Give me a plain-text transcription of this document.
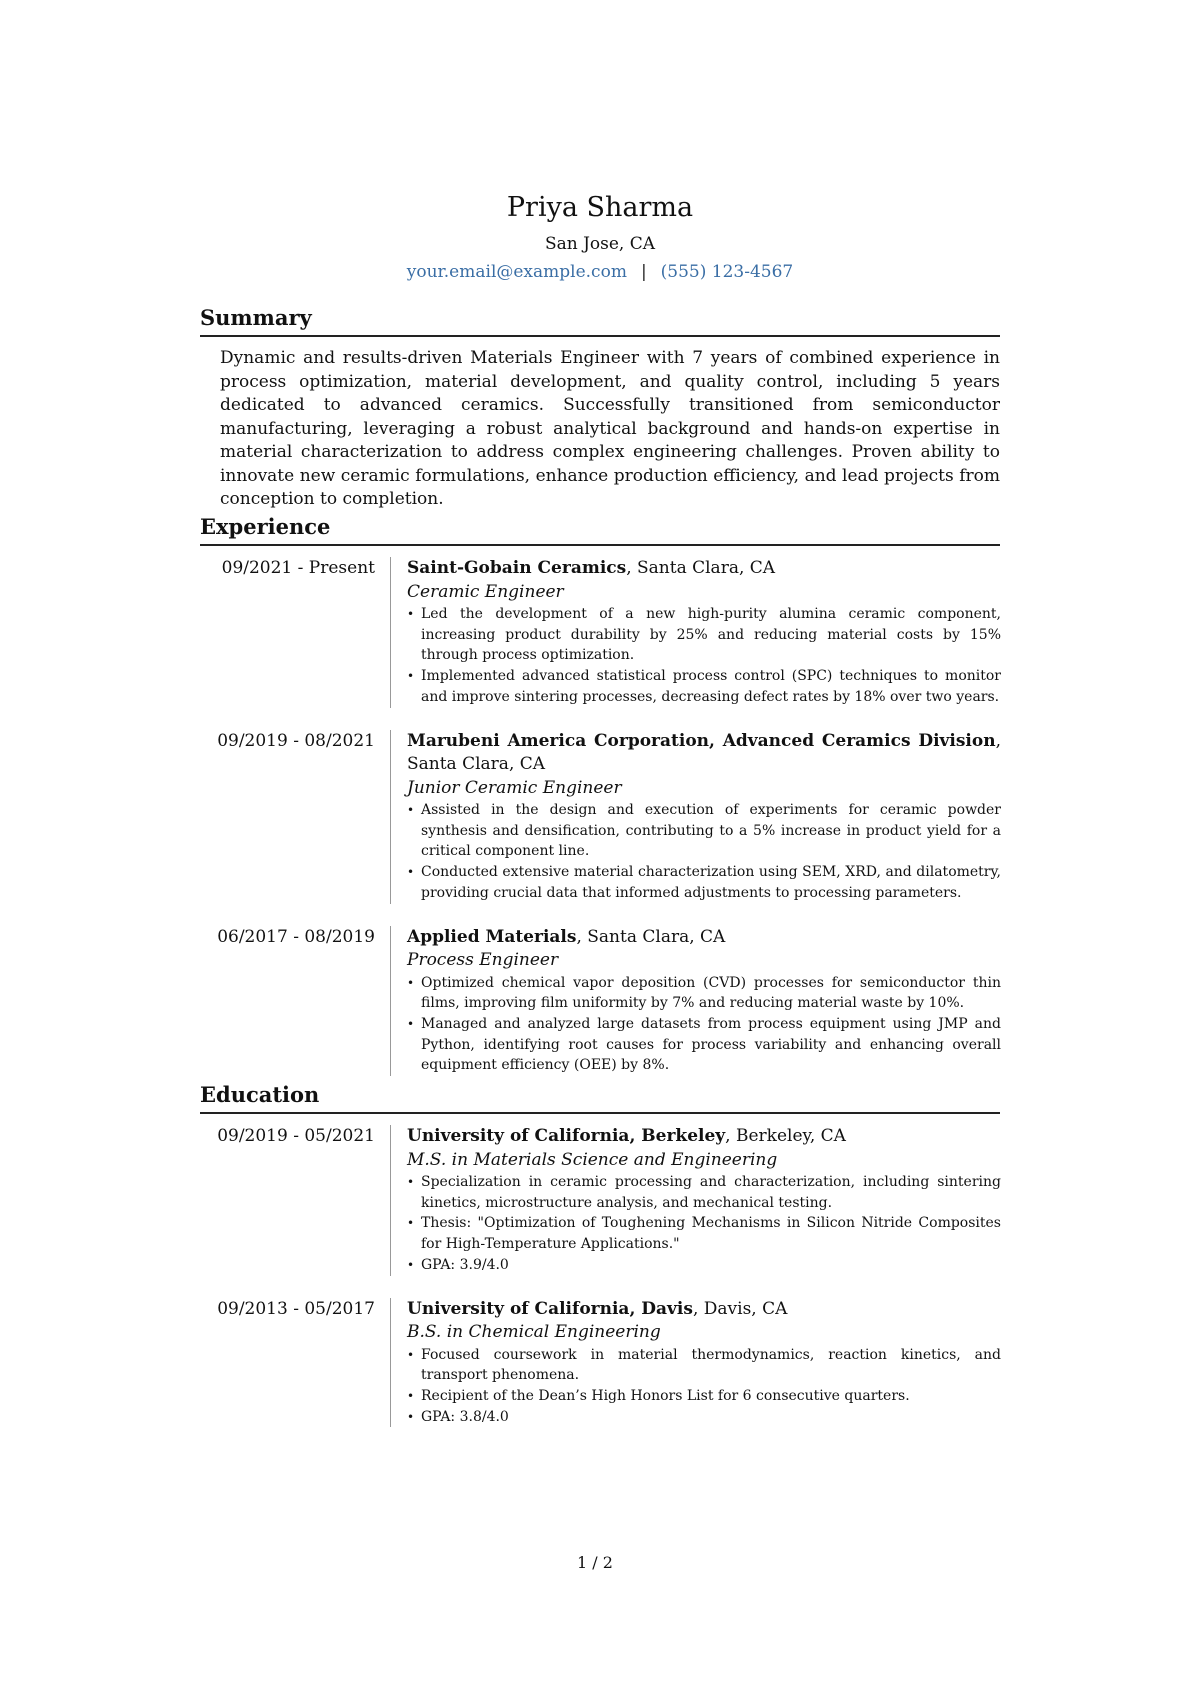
Priya Sharma
San Jose, CA
your.email@example.com | (555) 123-4567
Summary
Dynamic and results-driven Materials Engineer with 7 years of combined experience in process optimization, material development, and quality control, including 5 years dedicated to advanced ceramics. Successfully transitioned from semiconductor manufacturing, leveraging a robust analytical background and hands-on expertise in material characterization to address complex engineering challenges. Proven ability to innovate new ceramic formulations, enhance production efficiency, and lead projects from conception to completion.
Experience
09/2021 - Present Saint-Gobain Ceramics, Santa Clara, CA
Ceramic Engineer
• Led the development of a new high-purity alumina ceramic component, increasing product durability by 25% and reducing material costs by 15% through process optimization.
• Implemented advanced statistical process control (SPC) techniques to monitor and improve sintering processes, decreasing defect rates by 18% over two years.
09/2019 - 08/2021 Marubeni America Corporation, Advanced Ceramics Division, Santa Clara, CA
Junior Ceramic Engineer
• Assisted in the design and execution of experiments for ceramic powder synthesis and densification, contributing to a 5% increase in product yield for a critical component line.
• Conducted extensive material characterization using SEM, XRD, and dilatometry, providing crucial data that informed adjustments to processing parameters.
06/2017 - 08/2019 Applied Materials, Santa Clara, CA
Process Engineer
• Optimized chemical vapor deposition (CVD) processes for semiconductor thin films, improving film uniformity by 7% and reducing material waste by 10%.
• Managed and analyzed large datasets from process equipment using JMP and Python, identifying root causes for process variability and enhancing overall equipment efficiency (OEE) by 8%.
Education
09/2019 - 05/2021 University of California, Berkeley, Berkeley, CA
M.S. in Materials Science and Engineering
• Specialization in ceramic processing and characterization, including sintering kinetics, microstructure analysis, and mechanical testing.
• Thesis: "Optimization of Toughening Mechanisms in Silicon Nitride Composites for High-Temperature Applications."
• GPA: 3.9/4.0
09/2013 - 05/2017 University of California, Davis, Davis, CA
B.S. in Chemical Engineering
• Focused coursework in material thermodynamics, reaction kinetics, and transport phenomena.
• Recipient of the Dean’s High Honors List for 6 consecutive quarters.
• GPA: 3.8/4.0
1 / 2
